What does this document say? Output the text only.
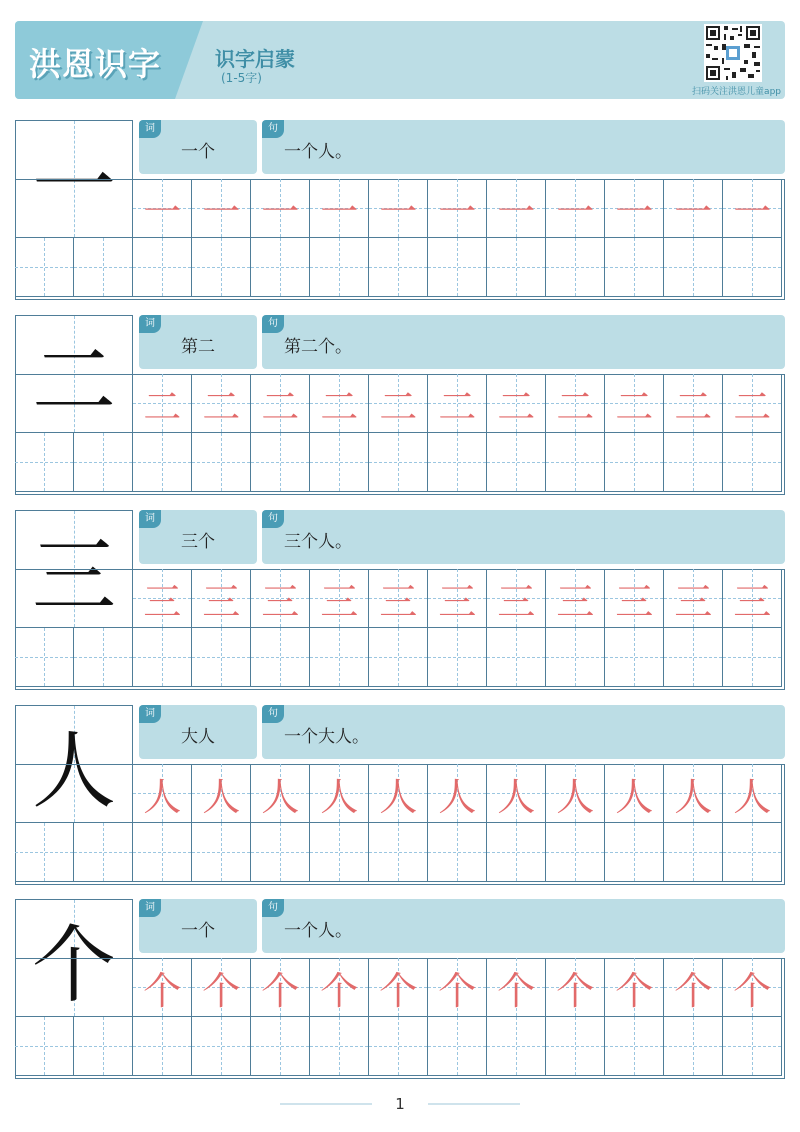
洪恩识字	识字启蒙
(1-5字)
扫码关注洪恩儿童app
一
词
一个
句
一个人。
一 一 一 一 一 一 一 一 一 一 一
二
词
第二
句
第二个。
二 二 二 二 二 二 二 二 二 二 二
三
词
三个
句
三个人。
三 三 三 三 三 三 三 三 三 三 三
人
词
大人
句
一个大人。
人 人 人 人 人 人 人 人 人 人 人
个
词
一个
句
一个人。
个 个 个 个 个 个 个 个 个 个 个
1
